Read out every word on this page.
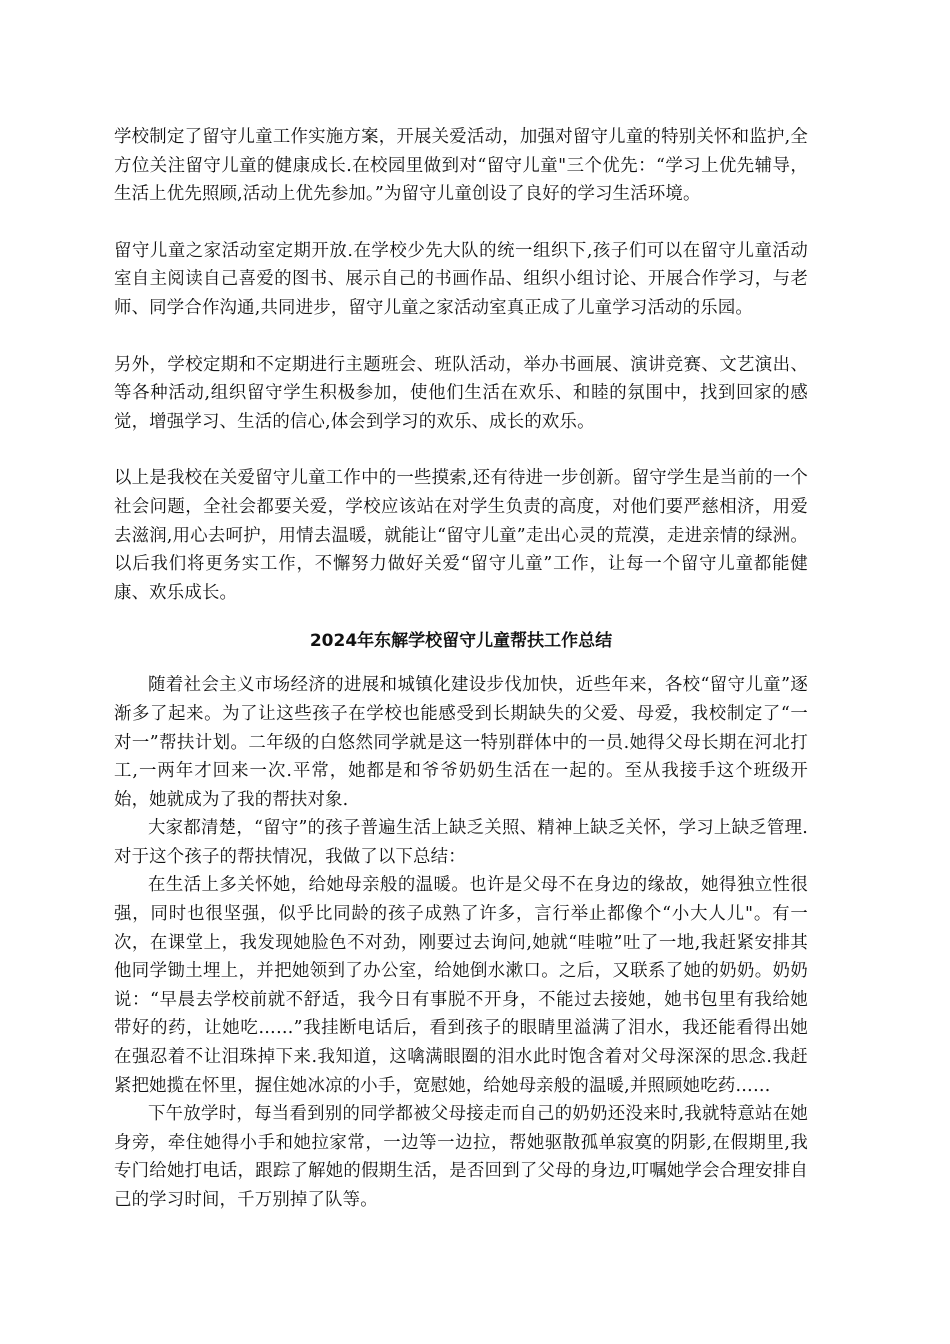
学校制定了留守儿童工作实施方案，开展关爱活动，加强对留守儿童的特别关怀和监护,全方位关注留守儿童的健康成长.在校园里做到对“留守儿童"三个优先：“学习上优先辅导，生活上优先照顾,活动上优先参加。”为留守儿童创设了良好的学习生活环境。

留守儿童之家活动室定期开放.在学校少先大队的统一组织下,孩子们可以在留守儿童活动室自主阅读自己喜爱的图书、展示自己的书画作品、组织小组讨论、开展合作学习，与老师、同学合作沟通,共同进步，留守儿童之家活动室真正成了儿童学习活动的乐园。

另外，学校定期和不定期进行主题班会、班队活动，举办书画展、演讲竞赛、文艺演出、等各种活动,组织留守学生积极参加，使他们生活在欢乐、和睦的氛围中，找到回家的感觉，增强学习、生活的信心,体会到学习的欢乐、成长的欢乐。

以上是我校在关爱留守儿童工作中的一些摸索,还有待进一步创新。留守学生是当前的一个社会问题，全社会都要关爱，学校应该站在对学生负责的高度，对他们要严慈相济，用爱去滋润,用心去呵护，用情去温暖，就能让“留守儿童”走出心灵的荒漠，走进亲情的绿洲。以后我们将更务实工作，不懈努力做好关爱“留守儿童”工作，让每一个留守儿童都能健康、欢乐成长。

2024年东解学校留守儿童帮扶工作总结

随着社会主义市场经济的进展和城镇化建设步伐加快，近些年来，各校“留守儿童”逐渐多了起来。为了让这些孩子在学校也能感受到长期缺失的父爱、母爱，我校制定了“一对一”帮扶计划。二年级的白悠然同学就是这一特别群体中的一员.她得父母长期在河北打工,一两年才回来一次.平常，她都是和爷爷奶奶生活在一起的。至从我接手这个班级开始，她就成为了我的帮扶对象.

大家都清楚，“留守”的孩子普遍生活上缺乏关照、精神上缺乏关怀，学习上缺乏管理.对于这个孩子的帮扶情况，我做了以下总结：

在生活上多关怀她，给她母亲般的温暖。也许是父母不在身边的缘故，她得独立性很强，同时也很坚强，似乎比同龄的孩子成熟了许多，言行举止都像个“小大人儿"。有一次，在课堂上，我发现她脸色不对劲，刚要过去询问,她就“哇啦”吐了一地,我赶紧安排其他同学锄土埋上，并把她领到了办公室，给她倒水漱口。之后，又联系了她的奶奶。奶奶说：“早晨去学校前就不舒适，我今日有事脱不开身，不能过去接她，她书包里有我给她带好的药，让她吃……”我挂断电话后，看到孩子的眼睛里溢满了泪水，我还能看得出她在强忍着不让泪珠掉下来.我知道，这噙满眼圈的泪水此时饱含着对父母深深的思念.我赶紧把她揽在怀里，握住她冰凉的小手，宽慰她，给她母亲般的温暖,并照顾她吃药……

下午放学时，每当看到别的同学都被父母接走而自己的奶奶还没来时,我就特意站在她身旁，牵住她得小手和她拉家常，一边等一边拉，帮她驱散孤单寂寞的阴影,在假期里,我专门给她打电话，跟踪了解她的假期生活，是否回到了父母的身边,叮嘱她学会合理安排自己的学习时间，千万别掉了队等。
